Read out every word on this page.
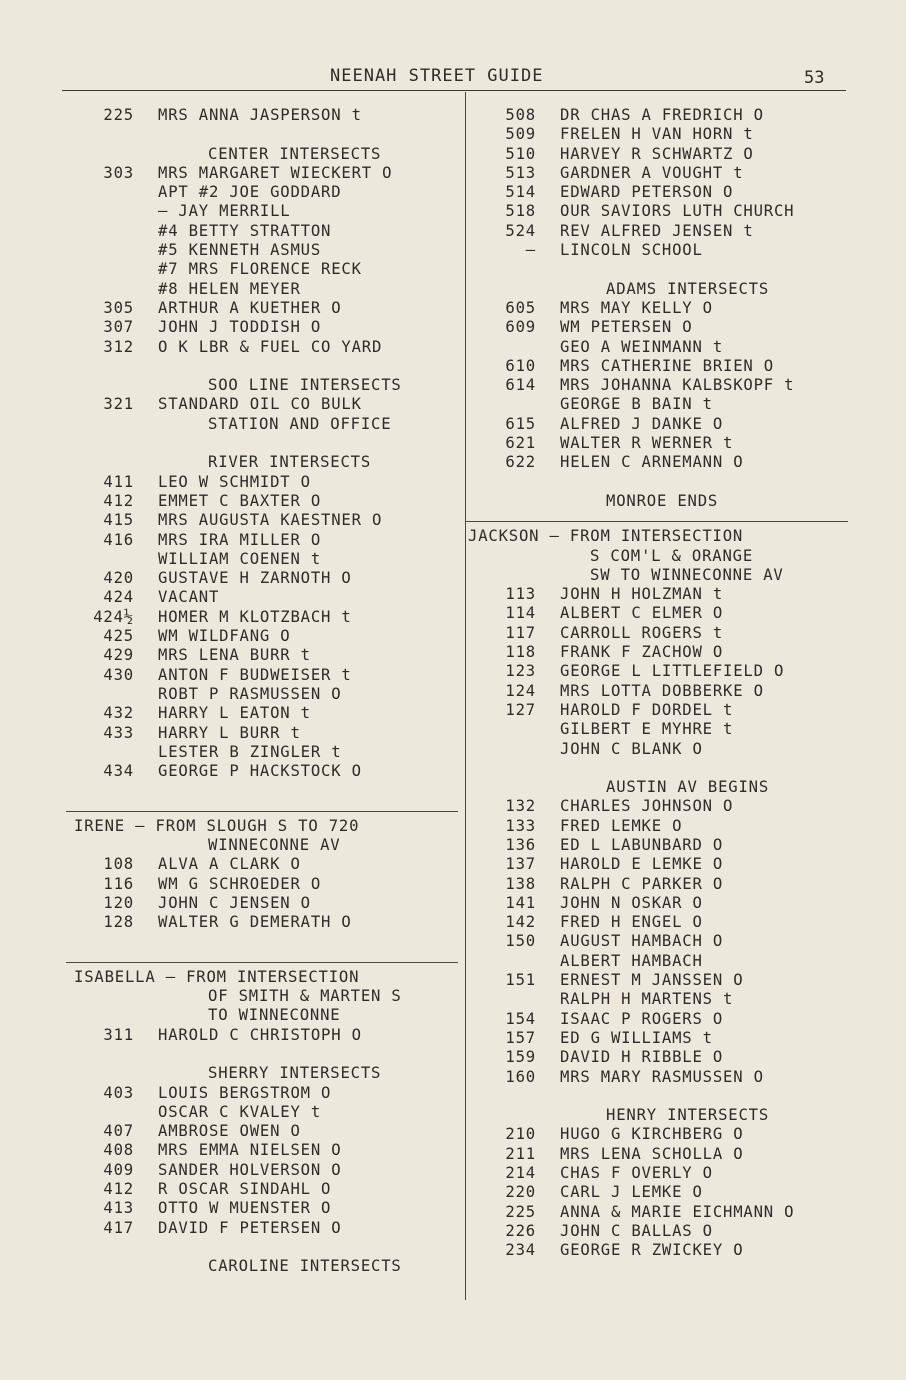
NEENAH STREET GUIDE	53
225	MRS ANNA JASPERSON t
CENTER INTERSECTS
303	MRS MARGARET WIECKERT O
APT #2 JOE GODDARD
— JAY MERRILL
#4 BETTY STRATTON
#5 KENNETH ASMUS
#7 MRS FLORENCE RECK
#8 HELEN MEYER
305	ARTHUR A KUETHER O
307	JOHN J TODDISH O
312	O K LBR & FUEL CO YARD
SOO LINE INTERSECTS
321	STANDARD OIL CO BULK
STATION AND OFFICE
RIVER INTERSECTS
411	LEO W SCHMIDT O
412	EMMET C BAXTER O
415	MRS AUGUSTA KAESTNER O
416	MRS IRA MILLER O
WILLIAM COENEN t
420	GUSTAVE H ZARNOTH O
424	VACANT
424½	HOMER M KLOTZBACH t
425	WM WILDFANG O
429	MRS LENA BURR t
430	ANTON F BUDWEISER t
ROBT P RASMUSSEN O
432	HARRY L EATON t
433	HARRY L BURR t
LESTER B ZINGLER t
434	GEORGE P HACKSTOCK O
IRENE — FROM SLOUGH S TO 720
WINNECONNE AV
108	ALVA A CLARK O
116	WM G SCHROEDER O
120	JOHN C JENSEN O
128	WALTER G DEMERATH O
ISABELLA — FROM INTERSECTION
OF SMITH & MARTEN S
TO WINNECONNE
311	HAROLD C CHRISTOPH O
SHERRY INTERSECTS
403	LOUIS BERGSTROM O
OSCAR C KVALEY t
407	AMBROSE OWEN O
408	MRS EMMA NIELSEN O
409	SANDER HOLVERSON O
412	R OSCAR SINDAHL O
413	OTTO W MUENSTER O
417	DAVID F PETERSEN O
CAROLINE INTERSECTS
508	DR CHAS A FREDRICH O
509	FRELEN H VAN HORN t
510	HARVEY R SCHWARTZ O
513	GARDNER A VOUGHT t
514	EDWARD PETERSON O
518	OUR SAVIORS LUTH CHURCH
524	REV ALFRED JENSEN t
—	LINCOLN SCHOOL
ADAMS INTERSECTS
605	MRS MAY KELLY O
609	WM PETERSEN O
GEO A WEINMANN t
610	MRS CATHERINE BRIEN O
614	MRS JOHANNA KALBSKOPF t
GEORGE B BAIN t
615	ALFRED J DANKE O
621	WALTER R WERNER t
622	HELEN C ARNEMANN O
MONROE ENDS
JACKSON — FROM INTERSECTION
S COM'L & ORANGE
SW TO WINNECONNE AV
113	JOHN H HOLZMAN t
114	ALBERT C ELMER O
117	CARROLL ROGERS t
118	FRANK F ZACHOW O
123	GEORGE L LITTLEFIELD O
124	MRS LOTTA DOBBERKE O
127	HAROLD F DORDEL t
GILBERT E MYHRE t
JOHN C BLANK O
AUSTIN AV BEGINS
132	CHARLES JOHNSON O
133	FRED LEMKE O
136	ED L LABUNBARD O
137	HAROLD E LEMKE O
138	RALPH C PARKER O
141	JOHN N OSKAR O
142	FRED H ENGEL O
150	AUGUST HAMBACH O
ALBERT HAMBACH
151	ERNEST M JANSSEN O
RALPH H MARTENS t
154	ISAAC P ROGERS O
157	ED G WILLIAMS t
159	DAVID H RIBBLE O
160	MRS MARY RASMUSSEN O
HENRY INTERSECTS
210	HUGO G KIRCHBERG O
211	MRS LENA SCHOLLA O
214	CHAS F OVERLY O
220	CARL J LEMKE O
225	ANNA & MARIE EICHMANN O
226	JOHN C BALLAS O
234	GEORGE R ZWICKEY O
